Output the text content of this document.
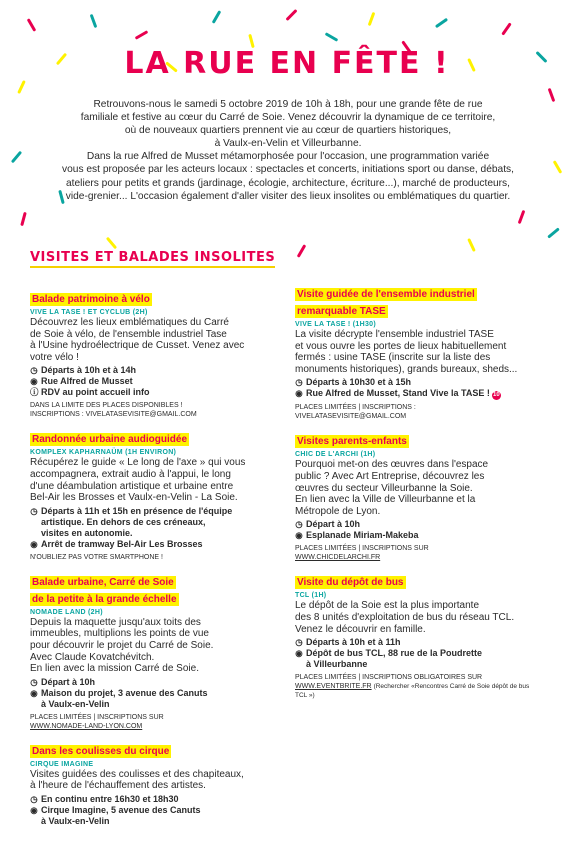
LA RUE EN FÊTE !

Retrouvons-nous le samedi 5 octobre 2019 de 10h à 18h, pour une grande fête de rue
familiale et festive au cœur du Carré de Soie. Venez découvrir la dynamique de ce territoire,
où de nouveaux quartiers prennent vie au cœur de quartiers historiques,
à Vaulx-en-Velin et Villeurbanne.

Dans la rue Alfred de Musset métamorphosée pour l'occasion, une programmation variée
vous est proposée par les acteurs locaux : spectacles et concerts, initiations sport ou danse, débats,
ateliers pour petits et grands (jardinage, écologie, architecture, écriture...), marché de producteurs,
vide-grenier... L'occasion également d'aller visiter des lieux insolites ou emblématiques du quartier.

VISITES ET BALADES INSOLITES
Balade patrimoine à vélo
VIVE LA TASE ! ET CYCLUB (2H)
Découvrez les lieux emblématiques du Carré
de Soie à vélo, de l'ensemble industriel Tase
à l'Usine hydroélectrique de Cusset. Venez avec
votre vélo !
◷ Départs à 10h et à 14h
◉ Rue Alfred de Musset
ⓘ RDV au point accueil info
DANS LA LIMITE DES PLACES DISPONIBLES !
INSCRIPTIONS : VIVELATASEVISITE@GMAIL.COM
Randonnée urbaine audioguidée
KOMPLEX KAPHARNAÜM (1H ENVIRON)
Récupérez le guide « Le long de l'axe » qui vous
accompagnera, extrait audio à l'appui, le long
d'une déambulation artistique et urbaine entre
Bel-Air les Brosses et Vaulx-en-Velin - La Soie.
◷ Départs à 11h et 15h en présence de l'équipe
artistique. En dehors de ces créneaux,
visites en autonomie.
◉ Arrêt de tramway Bel-Air Les Brosses
N'OUBLIEZ PAS VOTRE SMARTPHONE !
Balade urbaine, Carré de Soie
de la petite à la grande échelle
NOMADE LAND (2H)
Depuis la maquette jusqu'aux toits des
immeubles, multiplions les points de vue
pour découvrir le projet du Carré de Soie.
Avec Claude Kovatchévitch.
En lien avec la mission Carré de Soie.
◷ Départ à 10h
◉ Maison du projet, 3 avenue des Canuts
à Vaulx-en-Velin
PLACES LIMITÉES | INSCRIPTIONS SUR
WWW.NOMADE-LAND-LYON.COM
Dans les coulisses du cirque
CIRQUE IMAGINE
Visites guidées des coulisses et des chapiteaux,
à l'heure de l'échauffement des artistes.
◷ En continu entre 16h30 et 18h30
◉ Cirque Imagine, 5 avenue des Canuts
à Vaulx-en-Velin
Visite guidée de l'ensemble industriel
remarquable TASE
VIVE LA TASE ! (1H30)
La visite décrypte l'ensemble industriel TASE
et vous ouvre les portes de lieux habituellement
fermés : usine TASE (inscrite sur la liste des
monuments historiques), grands bureaux, sheds...
◷ Départs à 10h30 et à 15h
◉ Rue Alfred de Musset, Stand Vive la TASE ! 10
PLACES LIMITÉES | INSCRIPTIONS :
VIVELATASEVISITE@GMAIL.COM
Visites parents-enfants
CHIC DE L'ARCHI (1H)
Pourquoi met-on des œuvres dans l'espace
public ? Avec Art Entreprise, découvrez les
œuvres du secteur Villeurbanne la Soie.
En lien avec la Ville de Villeurbanne et la
Métropole de Lyon.
◷ Départ à 10h
◉ Esplanade Miriam-Makeba
PLACES LIMITÉES | INSCRIPTIONS SUR
WWW.CHICDELARCHI.FR
Visite du dépôt de bus
TCL (1H)
Le dépôt de la Soie est la plus importante
des 8 unités d'exploitation de bus du réseau TCL.
Venez le découvrir en famille.
◷ Départs à 10h et à 11h
◉ Dépôt de bus TCL, 88 rue de la Poudrette
à Villeurbanne
PLACES LIMITÉES | INSCRIPTIONS OBLIGATOIRES SUR
WWW.EVENTBRITE.FR (Rechercher «Rencontres Carré de Soie dépôt de bus TCL »)
